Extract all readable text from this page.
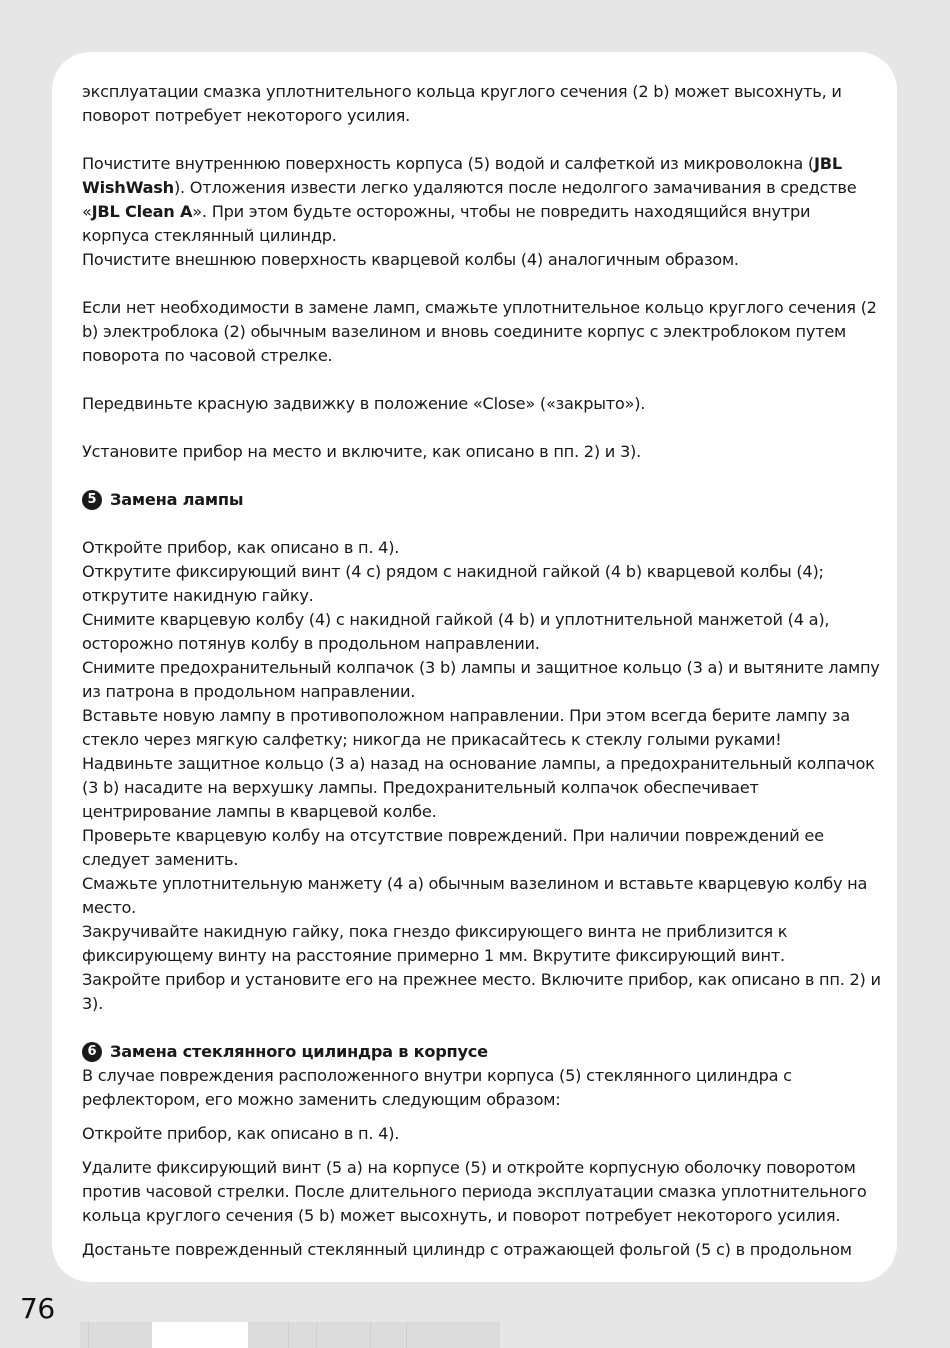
эксплуатации смазка уплотнительного кольца круглого сечения (2 b) может высохнуть, и поворот потребует некоторого усилия.

Почистите внутреннюю поверхность корпуса (5) водой и салфеткой из микроволокна (JBL WishWash). Отложения извести легко удаляются после недолгого замачивания в средстве «JBL Clean A». При этом будьте осторожны, чтобы не повредить находящийся внутри корпуса стеклянный цилиндр.

Почистите внешнюю поверхность кварцевой колбы (4) аналогичным образом.

Если нет необходимости в замене ламп, смажьте уплотнительное кольцо круглого сечения (2 b) электроблока (2) обычным вазелином и вновь соедините корпус с электроблоком путем поворота по часовой стрелке.

Передвиньте красную задвижку в положение «Close» («закрыто»).

Установите прибор на место и включите, как описано в пп. 2) и 3).

5 Замена лампы

Откройте прибор, как описано в п. 4).

Открутите фиксирующий винт (4 c) рядом с накидной гайкой (4 b) кварцевой колбы (4); открутите накидную гайку.

Снимите кварцевую колбу (4) с накидной гайкой (4 b) и уплотнительной манжетой (4 a), осторожно потянув колбу в продольном направлении.

Снимите предохранительный колпачок (3 b) лампы и защитное кольцо (3 a) и вытяните лампу из патрона в продольном направлении.

Вставьте новую лампу в противоположном направлении. При этом всегда берите лампу за стекло через мягкую салфетку; никогда не прикасайтесь к стеклу голыми руками!

Надвиньте защитное кольцо (3 a) назад на основание лампы, а предохранительный колпачок (3 b) насадите на верхушку лампы. Предохранительный колпачок обеспечивает центрирование лампы в кварцевой колбе.

Проверьте кварцевую колбу на отсутствие повреждений. При наличии повреждений ее следует заменить.

Смажьте уплотнительную манжету (4 a) обычным вазелином и вставьте кварцевую колбу на место.

Закручивайте накидную гайку, пока гнездо фиксирующего винта не приблизится к фиксирующему винту на расстояние примерно 1 мм. Вкрутите фиксирующий винт.

Закройте прибор и установите его на прежнее место. Включите прибор, как описано в пп. 2) и 3).

6 Замена стеклянного цилиндра в корпусе

В случае повреждения расположенного внутри корпуса (5) стеклянного цилиндра с рефлектором, его можно заменить следующим образом:

Откройте прибор, как описано в п. 4).

Удалите фиксирующий винт (5 a) на корпусе (5) и откройте корпусную оболочку поворотом против часовой стрелки. После длительного периода эксплуатации смазка уплотнительного кольца круглого сечения (5 b) может высохнуть, и поворот потребует некоторого усилия.

Достаньте поврежденный стеклянный цилиндр с отражающей фольгой (5 c) в продольном

76
